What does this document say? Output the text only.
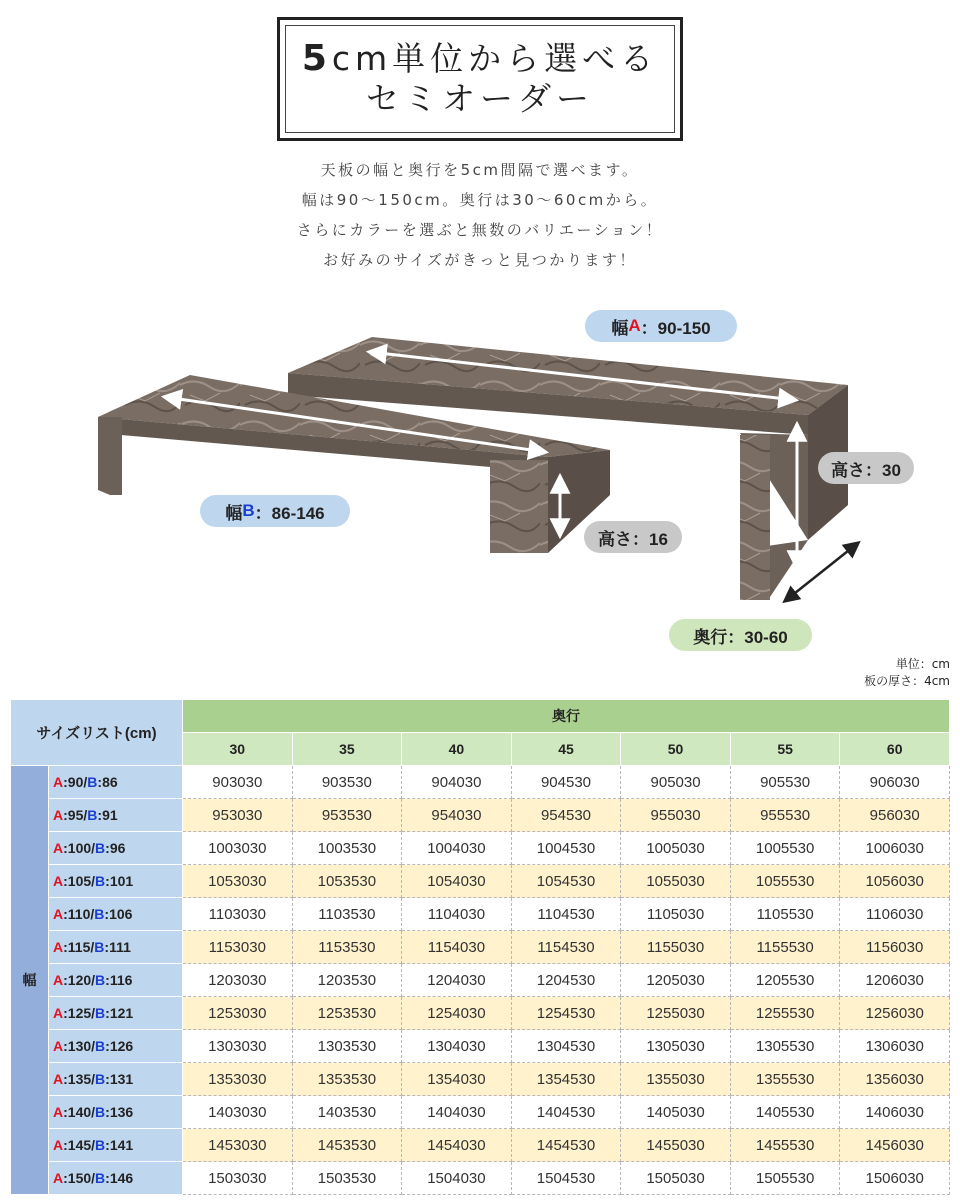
5cm単位から選べる
セミオーダー
天板の幅と奥行を5cm間隔で選べます。
幅は90～150cm。奥行は30～60cmから。
さらにカラーを選ぶと無数のバリエーション！
お好みのサイズがきっと見つかります！
幅 A ：90-150
幅 B ：86-146
高さ：30
高さ：16
奥行：30-60
単位：cm
板の厚さ：4cm
サイズリスト(cm)		奥行						
		30	35	40	45	50	55	60
幅	A:90/B:86	903030	903530	904030	904530	905030	905530	906030
	A:95/B:91	953030	953530	954030	954530	955030	955530	956030
	A:100/B:96	1003030	1003530	1004030	1004530	1005030	1005530	1006030
	A:105/B:101	1053030	1053530	1054030	1054530	1055030	1055530	1056030
	A:110/B:106	1103030	1103530	1104030	1104530	1105030	1105530	1106030
	A:115/B:111	1153030	1153530	1154030	1154530	1155030	1155530	1156030
	A:120/B:116	1203030	1203530	1204030	1204530	1205030	1205530	1206030
	A:125/B:121	1253030	1253530	1254030	1254530	1255030	1255530	1256030
	A:130/B:126	1303030	1303530	1304030	1304530	1305030	1305530	1306030
	A:135/B:131	1353030	1353530	1354030	1354530	1355030	1355530	1356030
	A:140/B:136	1403030	1403530	1404030	1404530	1405030	1405530	1406030
	A:145/B:141	1453030	1453530	1454030	1454530	1455030	1455530	1456030
	A:150/B:146	1503030	1503530	1504030	1504530	1505030	1505530	1506030
